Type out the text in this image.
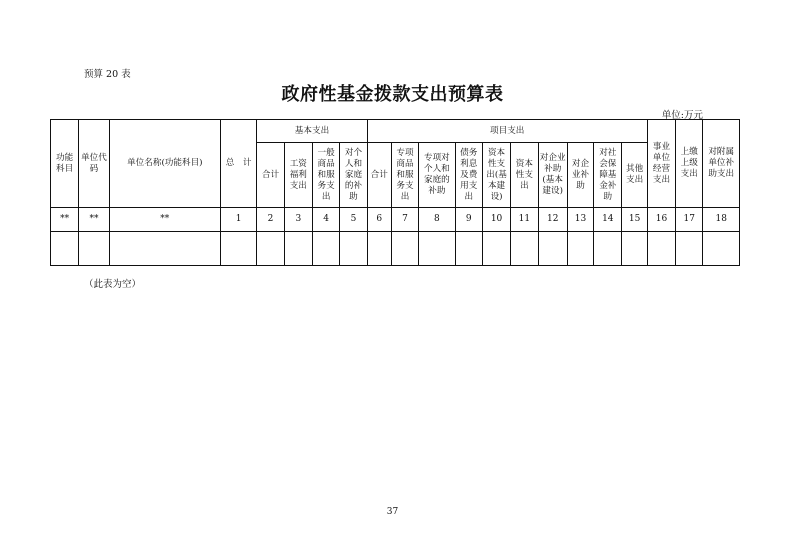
预算 20 表
政府性基金拨款支出预算表
单位:万元
功能科目	单位代码	单位名称(功能科目)	总　计	基本支出				项目支出										事业单位经营支出	上缴上级支出	对附属单位补助支出
				合计	工资福利支出	一般商品和服务支出	对个人和家庭的补助	合计	专项商品和服务支出	专项对个人和家庭的补助	债务利息及费用支出	资本性支出(基本建设)	资本性支出	对企业补助(基本建设)	对企业补助	对社会保障基金补助	其他支出			
**	**	**	1	2	3	4	5	6	7	8	9	10	11	12	13	14	15	16	17	18

（此表为空）
37
